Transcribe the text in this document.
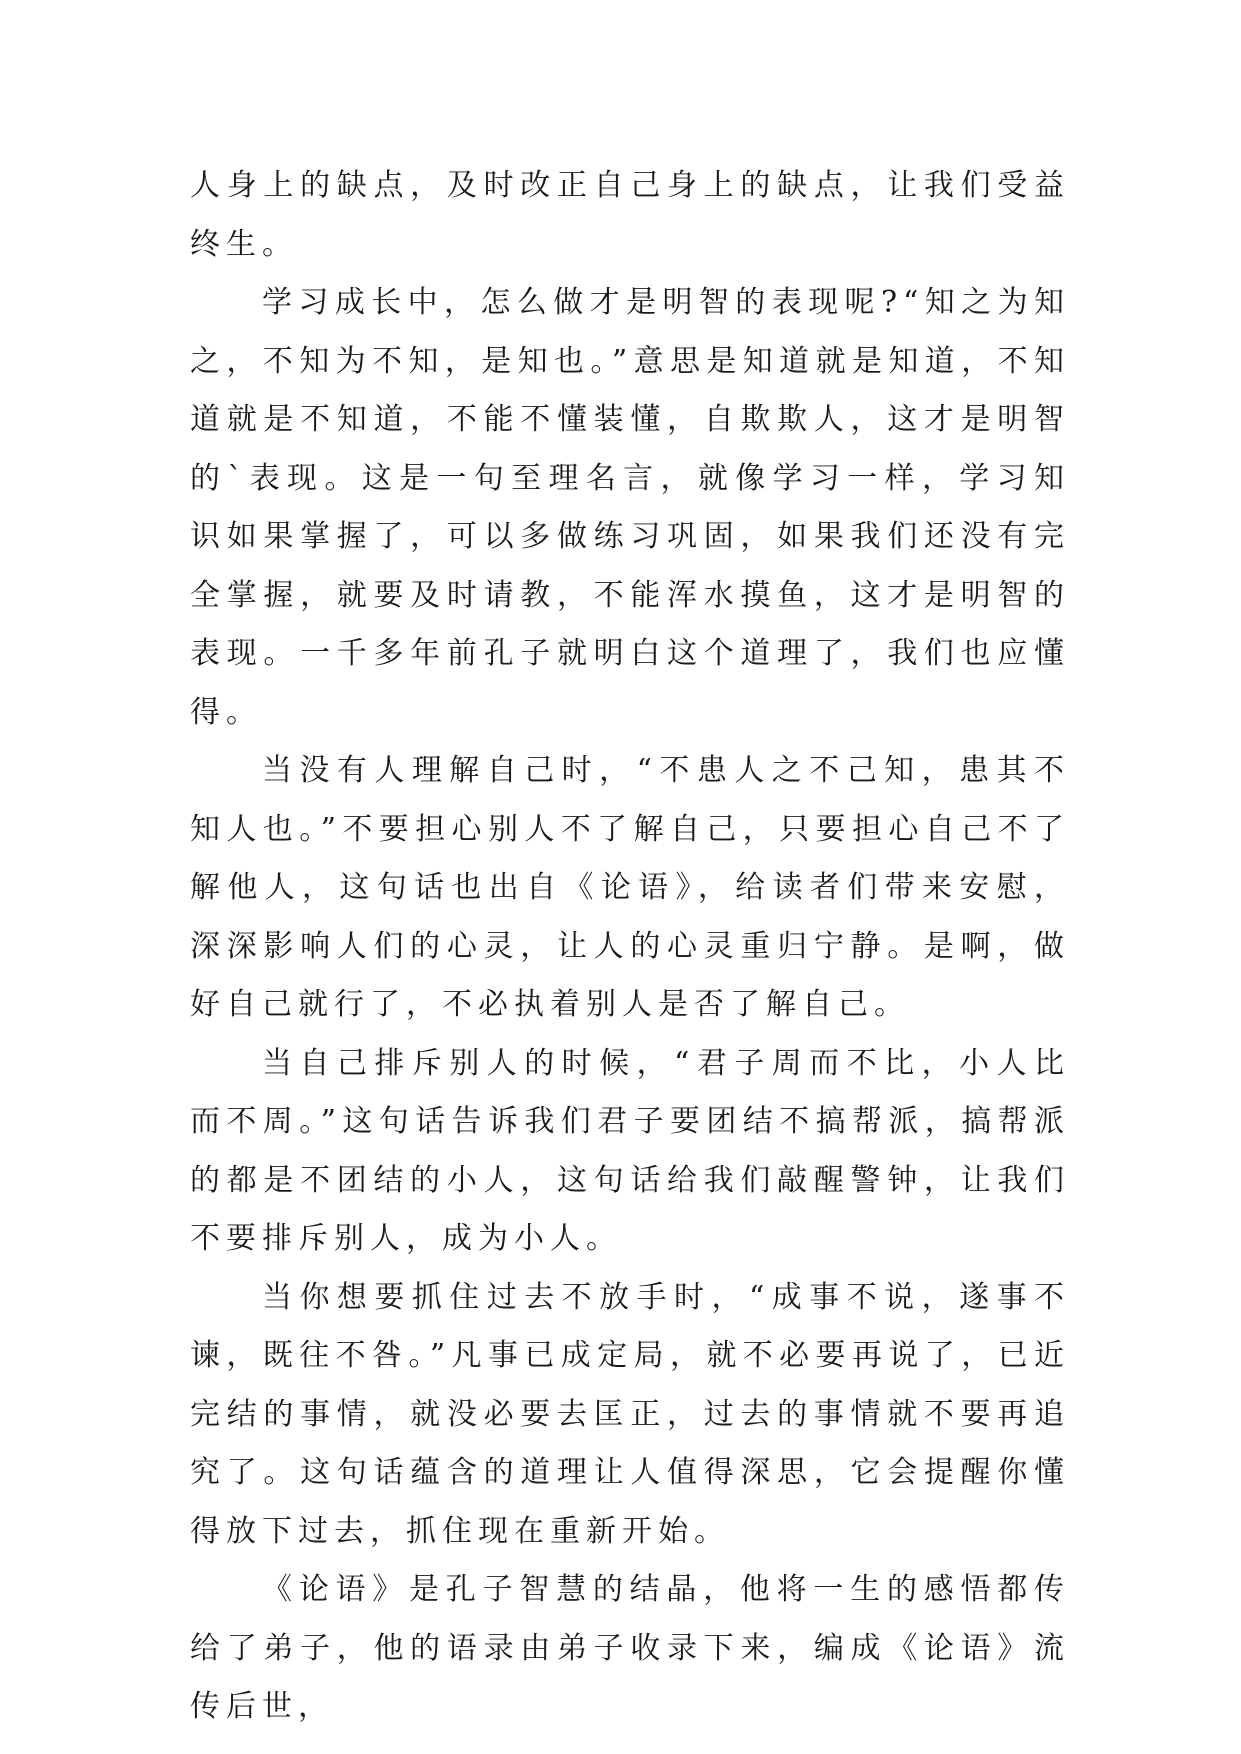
人身上的缺点，及时改正自己身上的缺点，让我们受益终生。

学习成长中，怎么做才是明智的表现呢?“知之为知之，不知为不知，是知也。”意思是知道就是知道，不知道就是不知道，不能不懂装懂，自欺欺人，这才是明智的`表现。这是一句至理名言，就像学习一样，学习知识如果掌握了，可以多做练习巩固，如果我们还没有完全掌握，就要及时请教，不能浑水摸鱼，这才是明智的表现。一千多年前孔子就明白这个道理了，我们也应懂得。

当没有人理解自己时，“不患人之不己知，患其不知人也。”不要担心别人不了解自己，只要担心自己不了解他人，这句话也出自《论语》，给读者们带来安慰，深深影响人们的心灵，让人的心灵重归宁静。是啊，做好自己就行了，不必执着别人是否了解自己。

当自己排斥别人的时候，“君子周而不比，小人比而不周。”这句话告诉我们君子要团结不搞帮派，搞帮派的都是不团结的小人，这句话给我们敲醒警钟，让我们不要排斥别人，成为小人。

当你想要抓住过去不放手时，“成事不说，遂事不谏，既往不咎。”凡事已成定局，就不必要再说了，已近完结的事情，就没必要去匡正，过去的事情就不要再追究了。这句话蕴含的道理让人值得深思，它会提醒你懂得放下过去，抓住现在重新开始。

《论语》是孔子智慧的结晶，他将一生的感悟都传给了弟子，他的语录由弟子收录下来，编成《论语》流传后世，
